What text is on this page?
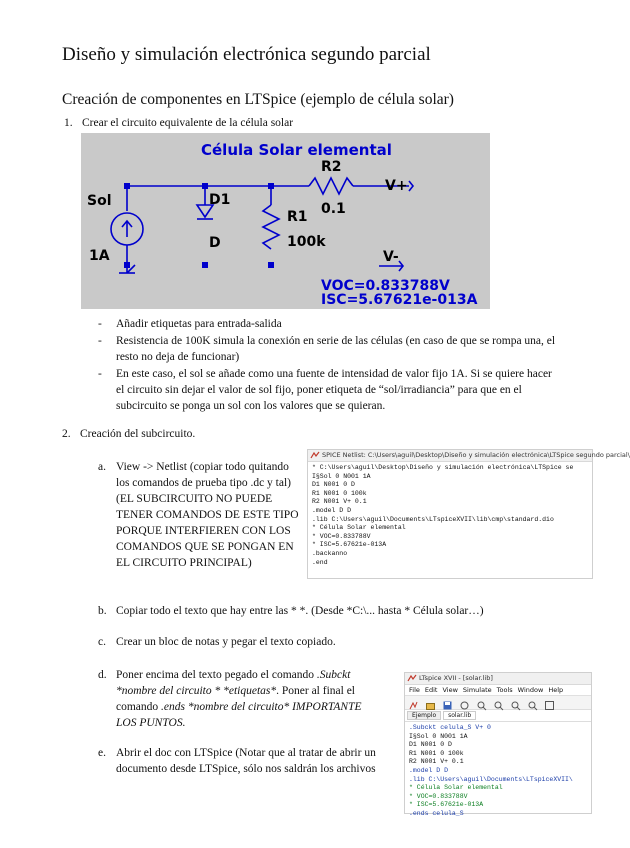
Diseño y simulación electrónica segundo parcial
Creación de componentes en LTSpice (ejemplo de célula solar)
1. Crear el circuito equivalente de la célula solar
Célula Solar elemental
Sol
1A
D1
D
R1
100k
R2
0.1
V+
V-
VOC=0.833788V
ISC=5.67621e-013A
- Añadir etiquetas para entrada-salida
- Resistencia de 100K simula la conexión en serie de las células (en caso de que se rompa una, el resto no deja de funcionar)
- En este caso, el sol se añade como una fuente de intensidad de valor fijo 1A. Si se quiere hacer el circuito sin dejar el valor de sol fijo, poner etiqueta de “sol/irradiancia” para que en el subcircuito se ponga un sol con los valores que se quieran.
2. Creación del subcircuito.
a. View -> Netlist (copiar todo quitando los comandos de prueba tipo .dc y tal) (EL SUBCIRCUITO NO PUEDE TENER COMANDOS DE ESTE TIPO PORQUE INTERFIEREN CON LOS COMANDOS QUE SE PONGAN EN EL CIRCUITO PRINCIPAL)
SPICE Netlist: C:\Users\aguil\Desktop\Diseño y simulación electrónica\LTSpice segundo parcial\
* C:\Users\aguil\Desktop\Diseño y simulación electrónica\LTSpice se
I§Sol 0 N001 1A
D1 N001 0 D
R1 N001 0 100k
R2 N001 V+ 0.1
.model D D
.lib C:\Users\aguil\Documents\LTspiceXVII\lib\cmp\standard.dio
* Célula Solar elemental
* VOC=0.833788V
* ISC=5.67621e-013A
.backanno
.end
b. Copiar todo el texto que hay entre las * *. (Desde *C:\... hasta * Célula solar…)
c. Crear un bloc de notas y pegar el texto copiado.
d. Poner encima del texto pegado el comando .Subckt *nombre del circuito * *etiquetas*. Poner al final el comando .ends *nombre del circuito* IMPORTANTE LOS PUNTOS.
e. Abrir el doc con LTSpice (Notar que al tratar de abrir un documento desde LTSpice, sólo nos saldrán los archivos
LTspice XVII - [solar.lib]
File Edit View Simulate Tools Window Help

Ejemplo solar.lib
.Subckt celula_S V+ 0
I§Sol 0 N001 1A
D1 N001 0 D
R1 N001 0 100k
R2 N001 V+ 0.1
.model D D
.lib C:\Users\aguil\Documents\LTspiceXVII\
* Célula Solar elemental
* VOC=0.833788V
* ISC=5.67621e-013A
.ends celula_S
